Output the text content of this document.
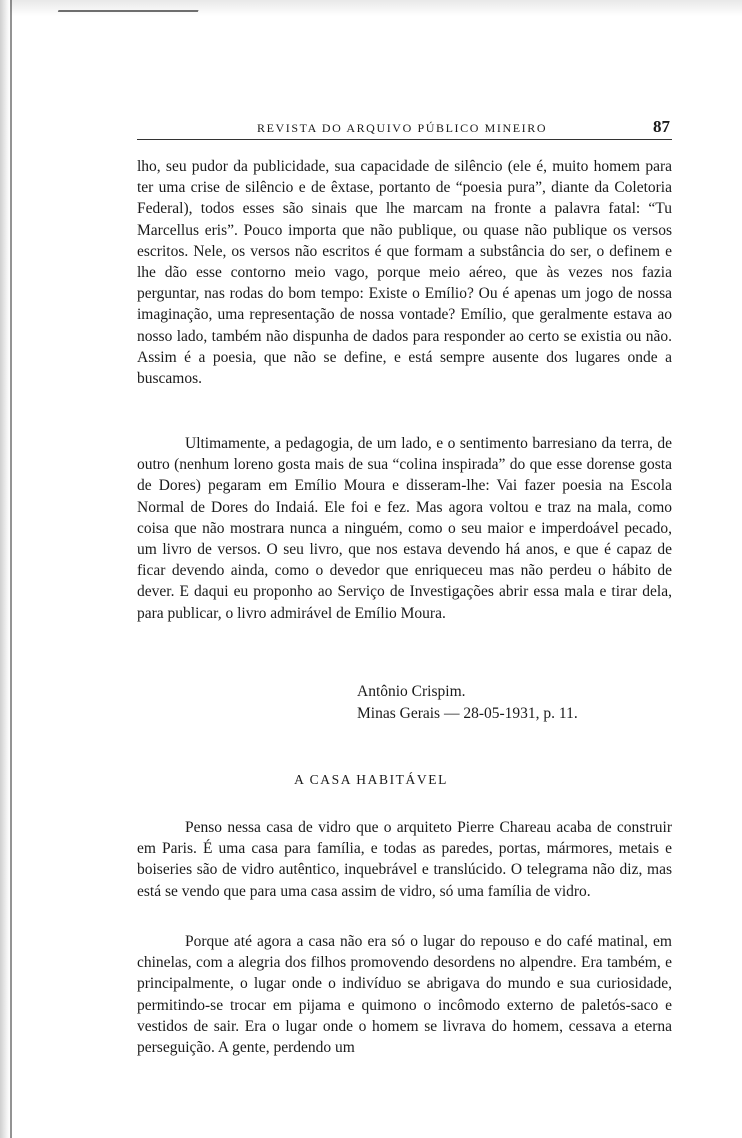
REVISTA DO ARQUIVO PÚBLICO MINEIRO	87

lho, seu pudor da publicidade, sua capacidade de silêncio (ele é, muito homem para ter uma crise de silêncio e de êxtase, portanto de “poesia pura”, diante da Coletoria Federal), todos esses são sinais que lhe marcam na fronte a palavra fatal: “Tu Marcellus eris”. Pouco importa que não publique, ou quase não publique os versos escritos. Nele, os versos não escritos é que formam a substância do ser, o definem e lhe dão esse contorno meio vago, porque meio aéreo, que às vezes nos fazia perguntar, nas rodas do bom tempo: Existe o Emílio? Ou é apenas um jogo de nossa imaginação, uma representação de nossa vontade? Emílio, que geralmente estava ao nosso lado, também não dispunha de dados para responder ao certo se existia ou não. Assim é a poesia, que não se define, e está sempre ausente dos lugares onde a buscamos.

Ultimamente, a pedagogia, de um lado, e o sentimento barresiano da terra, de outro (nenhum loreno gosta mais de sua “colina inspirada” do que esse dorense gosta de Dores) pegaram em Emílio Moura e disseram-lhe: Vai fazer poesia na Escola Normal de Dores do Indaiá. Ele foi e fez. Mas agora voltou e traz na mala, como coisa que não mostrara nunca a ninguém, como o seu maior e imperdoável pecado, um livro de versos. O seu livro, que nos estava devendo há anos, e que é capaz de ficar devendo ainda, como o devedor que enriqueceu mas não perdeu o hábito de dever. E daqui eu proponho ao Serviço de Investigações abrir essa mala e tirar dela, para publicar, o livro admirável de Emílio Moura.

Antônio Crispim.
Minas Gerais — 28-05-1931, p. 11.
A CASA HABITÁVEL

Penso nessa casa de vidro que o arquiteto Pierre Chareau acaba de construir em Paris. É uma casa para família, e todas as paredes, portas, mármores, metais e boiseries são de vidro autêntico, inquebrável e translúcido. O telegrama não diz, mas está se vendo que para uma casa assim de vidro, só uma família de vidro.

Porque até agora a casa não era só o lugar do repouso e do café matinal, em chinelas, com a alegria dos filhos promovendo desordens no alpendre. Era também, e principalmente, o lugar onde o indivíduo se abrigava do mundo e sua curiosidade, permitindo-se trocar em pijama e quimono o incômodo externo de paletós-saco e vestidos de sair. Era o lugar onde o homem se livrava do homem, cessava a eterna perseguição. A gente, perdendo um
